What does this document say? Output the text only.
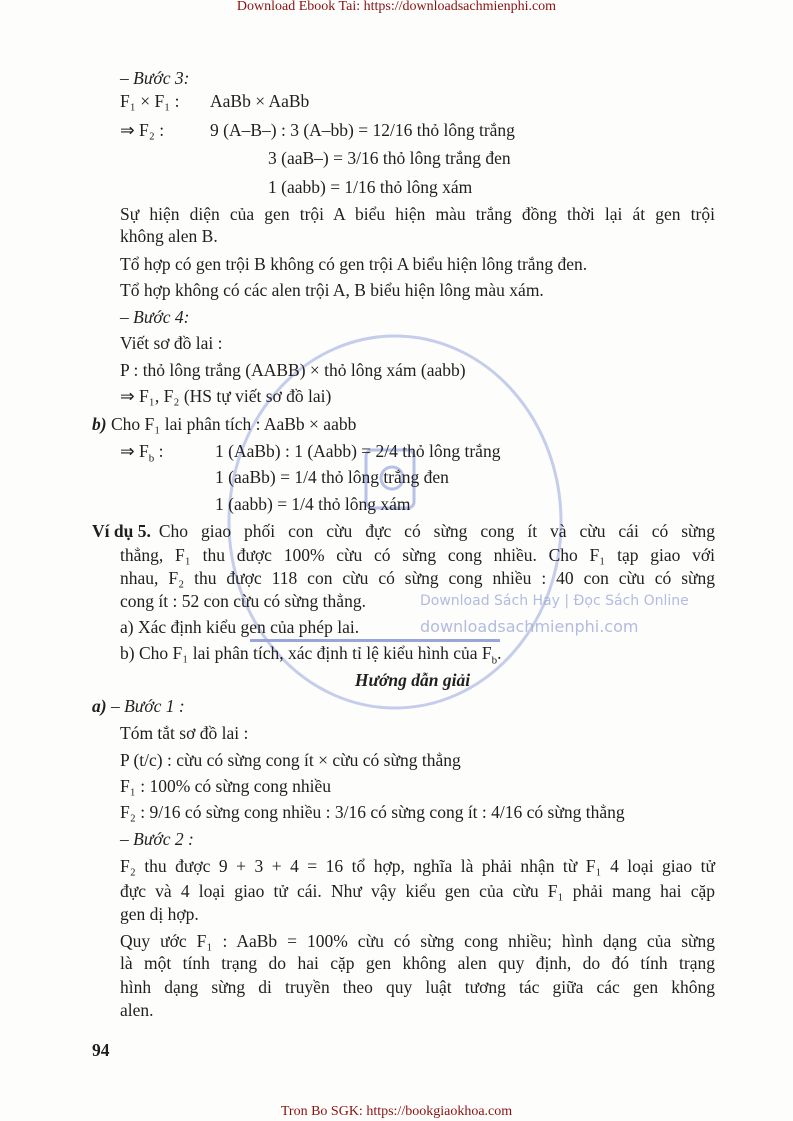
Download Ebook Tai: https://downloadsachmienphi.com
downloadsachmienphi.com
Download Sách Hay | Đọc Sách Online
– Bước 3:
F₁ × F₁ : AaBb × AaBb
⇒ F₂ :	9 (A–B–) : 3 (A–bb) = 12/16 thỏ lông trắng
3 (aaB–) = 3/16 thỏ lông trắng đen
1 (aabb) = 1/16 thỏ lông xám
Sự hiện diện của gen trội A biểu hiện màu trắng đồng thời lại át gen trội
không alen B.
Tổ hợp có gen trội B không có gen trội A biểu hiện lông trắng đen.
Tổ hợp không có các alen trội A, B biểu hiện lông màu xám.
– Bước 4:
Viết sơ đồ lai :
P : thỏ lông trắng (AABB) × thỏ lông xám (aabb)
⇒ F₁, F₂ (HS tự viết sơ đồ lai)
b) Cho F₁ lai phân tích : AaBb × aabb
⇒ $F_b$ :	1 (AaBb) : 1 (Aabb) = 2/4 thỏ lông trắng
1 (aaBb) = 1/4 thỏ lông trắng đen
1 (aabb) = 1/4 thỏ lông xám
Ví dụ 5. Cho giao phối con cừu đực có sừng cong ít và cừu cái có sừng
thẳng, F₁ thu được 100% cừu có sừng cong nhiều. Cho F₁ tạp giao với
nhau, F₂ thu được 118 con cừu có sừng cong nhiều : 40 con cừu có sừng
cong ít : 52 con cừu có sừng thẳng.
a) Xác định kiểu gen của phép lai.
b) Cho F₁ lai phân tích, xác định tỉ lệ kiểu hình của $F_b$.
Hướng dẫn giải
a) – Bước 1 :
Tóm tắt sơ đồ lai :
P (t/c) : cừu có sừng cong ít × cừu có sừng thẳng
F₁ : 100% có sừng cong nhiều
F₂ : 9/16 có sừng cong nhiều : 3/16 có sừng cong ít : 4/16 có sừng thẳng
– Bước 2 :
F₂ thu được 9 + 3 + 4 = 16 tổ hợp, nghĩa là phải nhận từ F₁ 4 loại giao tử
đực và 4 loại giao tử cái. Như vậy kiểu gen của cừu F₁ phải mang hai cặp
gen dị hợp.
Quy ước F₁ : AaBb = 100% cừu có sừng cong nhiều; hình dạng của sừng
là một tính trạng do hai cặp gen không alen quy định, do đó tính trạng
hình dạng sừng di truyền theo quy luật tương tác giữa các gen không
alen.
94
Tron Bo SGK: https://bookgiaokhoa.com
